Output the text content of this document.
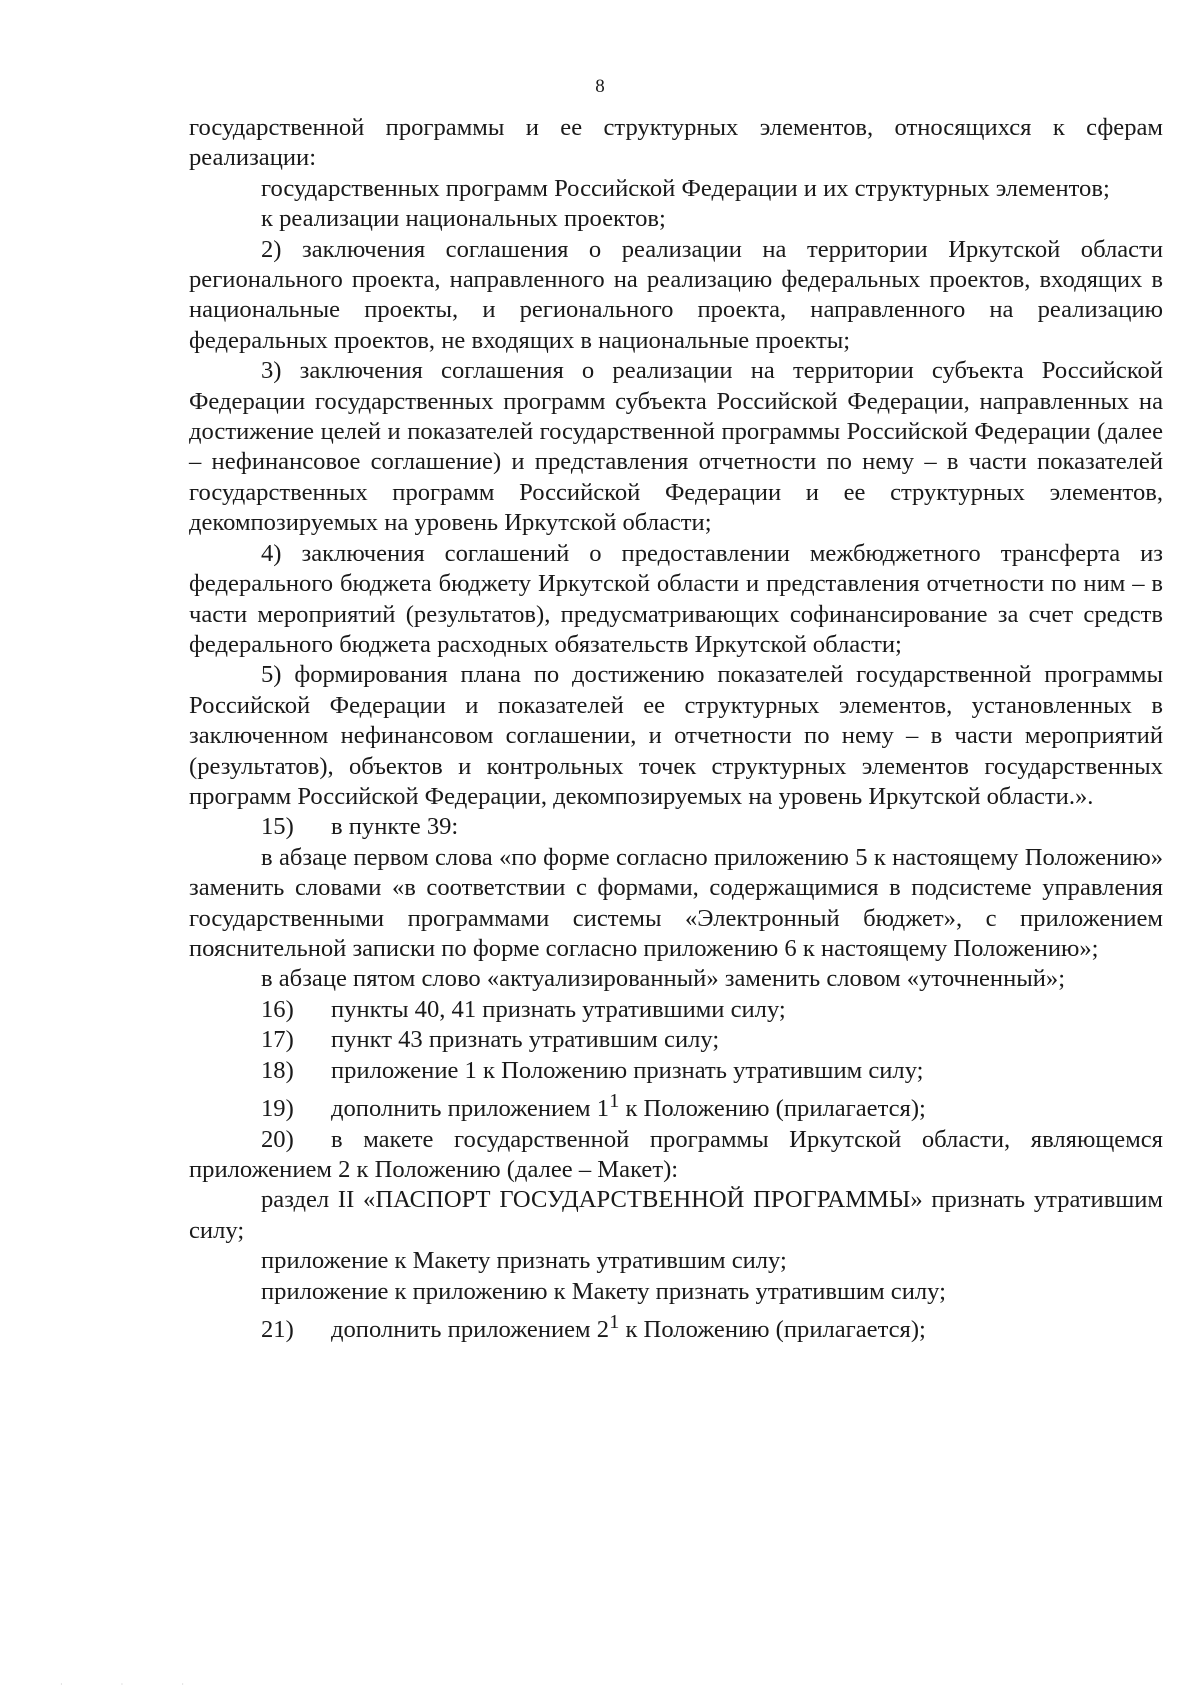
8

государственной программы и ее структурных элементов, относящихся к сферам реализации:

государственных программ Российской Федерации и их структурных элементов;

к реализации национальных проектов;

2) заключения соглашения о реализации на территории Иркутской области регионального проекта, направленного на реализацию федеральных проектов, входящих в национальные проекты, и регионального проекта, направленного на реализацию федеральных проектов, не входящих в национальные проекты;

3) заключения соглашения о реализации на территории субъекта Российской Федерации государственных программ субъекта Российской Федерации, направленных на достижение целей и показателей государственной программы Российской Федерации (далее – нефинансовое соглашение) и представления отчетности по нему – в части показателей государственных программ Российской Федерации и ее структурных элементов, декомпозируемых на уровень Иркутской области;

4) заключения соглашений о предоставлении межбюджетного трансферта из федерального бюджета бюджету Иркутской области и представления отчетности по ним – в части мероприятий (результатов), предусматривающих софинансирование за счет средств федерального бюджета расходных обязательств Иркутской области;

5) формирования плана по достижению показателей государственной программы Российской Федерации и показателей ее структурных элементов, установленных в заключенном нефинансовом соглашении, и отчетности по нему – в части мероприятий (результатов), объектов и контрольных точек структурных элементов государственных программ Российской Федерации, декомпозируемых на уровень Иркутской области.».

15) в пункте 39:

в абзаце первом слова «по форме согласно приложению 5 к настоящему Положению» заменить словами «в соответствии с формами, содержащимися в подсистеме управления государственными программами системы «Электронный бюджет», с приложением пояснительной записки по форме согласно приложению 6 к настоящему Положению»;

в абзаце пятом слово «актуализированный» заменить словом «уточненный»;

16) пункты 40, 41 признать утратившими силу;

17) пункт 43 признать утратившим силу;

18) приложение 1 к Положению признать утратившим силу;

19) дополнить приложением $1^1$ к Положению (прилагается);

20) в макете государственной программы Иркутской области, являющемся приложением 2 к Положению (далее – Макет):

раздел II «ПАСПОРТ ГОСУДАРСТВЕННОЙ ПРОГРАММЫ» признать утратившим силу;

приложение к Макету признать утратившим силу;

приложение к приложению к Макету признать утратившим силу;

21) дополнить приложением $2^1$ к Положению (прилагается);

· · ·
